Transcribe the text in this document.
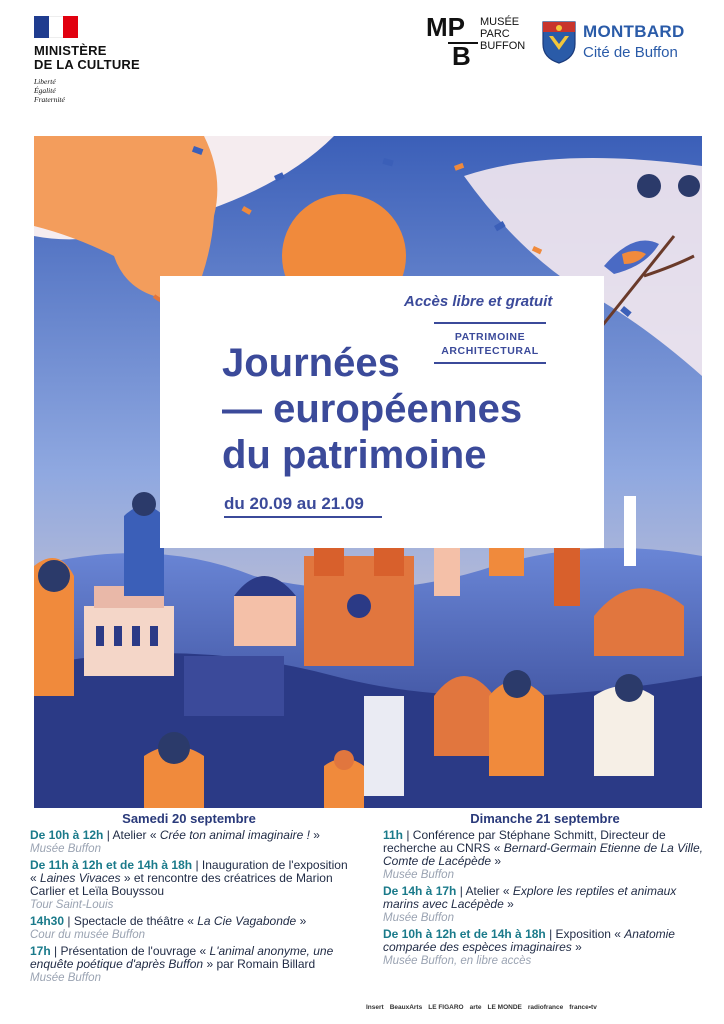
MINISTÈRE
DE LA CULTURE
Liberté
Égalité
Fraternité
MP
B
MUSÉE
PARC
BUFFON
MONTBARD
Cité de Buffon
Accès libre et gratuit
PATRIMOINE
ARCHITECTURAL
Journées
— européennes
du patrimoine
du 20.09 au 21.09
Samedi 20 septembre
De 10h à 12h | Atelier « Crée ton animal imaginaire ! »
Musée Buffon
De 11h à 12h et de 14h à 18h | Inauguration de l'exposition « Laines Vivaces » et rencontre des créatrices de Marion Carlier et Leïla Bouyssou
Tour Saint-Louis
14h30 | Spectacle de théâtre « La Cie Vagabonde »
Cour du musée Buffon
17h | Présentation de l'ouvrage « L'animal anonyme, une enquête poétique d'après Buffon » par Romain Billard
Musée Buffon
Dimanche 21 septembre
11h | Conférence par Stéphane Schmitt, Directeur de recherche au CNRS « Bernard-Germain Etienne de La Ville, Comte de Lacépède »
Musée Buffon
De 14h à 17h | Atelier « Explore les reptiles et animaux marins avec Lacépède »
Musée Buffon
De 10h à 12h et de 14h à 18h | Exposition « Anatomie comparée des espèces imaginaires »
Musée Buffon, en libre accès
Insert BeauxArts LE FIGARO arte LE MONDE radiofrance france•tv
